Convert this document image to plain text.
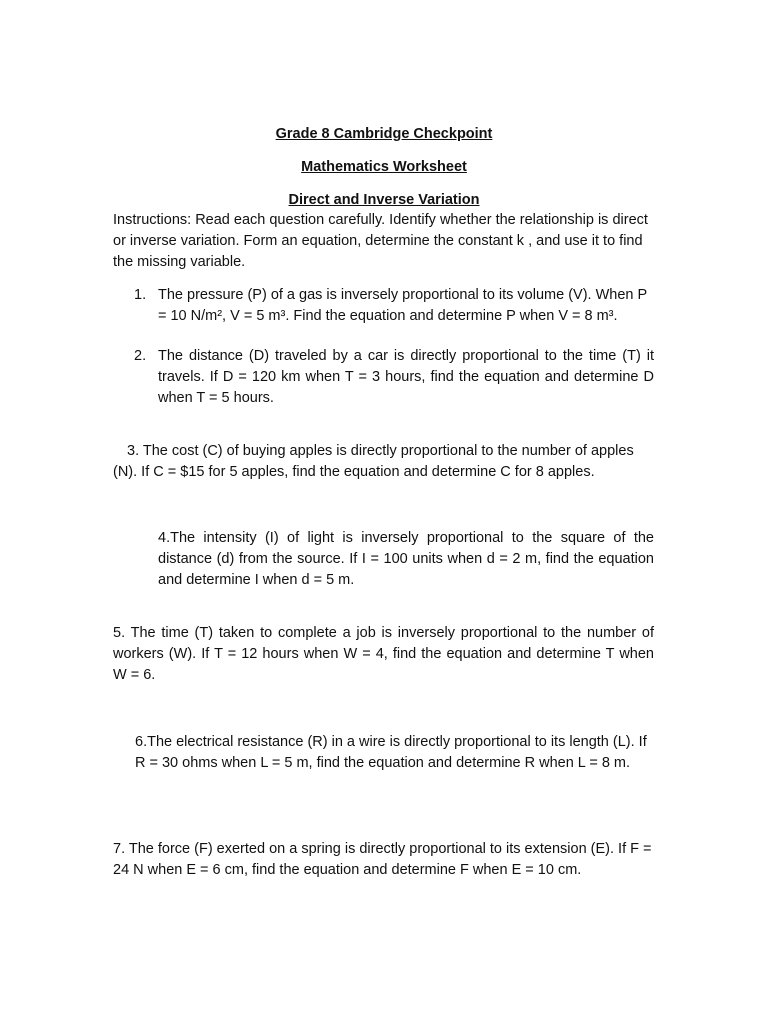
Grade 8 Cambridge Checkpoint
Mathematics Worksheet
Direct and Inverse Variation

Instructions: Read each question carefully. Identify whether the relationship is direct or inverse variation. Form an equation, determine the constant k , and use it to find the missing variable.

1. The pressure (P) of a gas is inversely proportional to its volume (V). When P = 10 N/m², V = 5 m³. Find the equation and determine P when V = 8 m³.

2. The distance (D) traveled by a car is directly proportional to the time (T) it travels. If D = 120 km when T = 3 hours, find the equation and determine D when T = 5 hours.

3. The cost (C) of buying apples is directly proportional to the number of apples (N). If C = $15 for 5 apples, find the equation and determine C for 8 apples.

4.The intensity (I) of light is inversely proportional to the square of the distance (d) from the source. If I = 100 units when d = 2 m, find the equation and determine I when d = 5 m.

5. The time (T) taken to complete a job is inversely proportional to the number of workers (W). If T = 12 hours when W = 4, find the equation and determine T when W = 6.

6.The electrical resistance (R) in a wire is directly proportional to its length (L). If R = 30 ohms when L = 5 m, find the equation and determine R when L = 8 m.

7. The force (F) exerted on a spring is directly proportional to its extension (E). If F = 24 N when E = 6 cm, find the equation and determine F when E = 10 cm.
